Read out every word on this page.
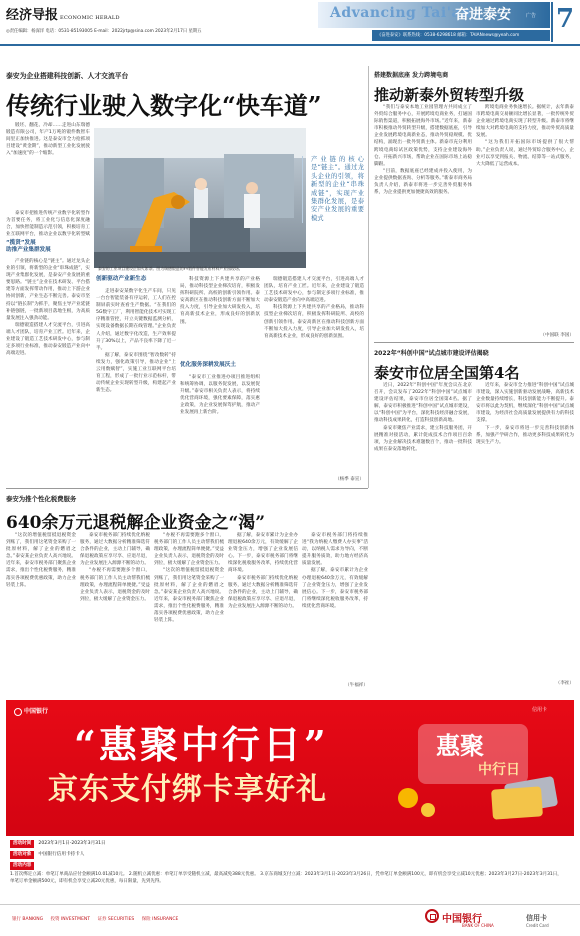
经济导报 ECONOMIC HERALD
◎责任编辑：杨深洋 电话：0531-85193005 E-mail：2022jrtp@sina.com 2023年2月17日 星期五
Advancing Tai'an
奋进泰安	广告 7
《奋进泰安》联系热线：0538-6298618 邮箱：TAIANnews@yeah.com
泰安为企业搭建科技创新、人才交流平台
传统行业驶入数字化“快车道”

锻坯、翻花、冷却……走进山东瑞德锻造有限公司，年产1万吨的锻件数智车间里正加快推进。这是泰安市全力抢抓项目建设“黄金期”，推动新型工业化发展驶入“加速度”的一个缩影。

泰安市把推进传统产业数字化转型作为首要任务，将工业化与信息化深度融合，加快智能制造示范引领，积极培育工业互联网平台，推动企业以数字化转型赋

“揽贤”发展
助推产业集群发展

产业链的核心是“链主”。通过龙头企业的引领，将新型的企业“串珠成链”，实现产业集群化发展，是泰安产业发展的重要思路。“链主”企业在技术研发、平台搭建等方面发挥带动作用，推动上下游企业协同创新，产业生态不断完善。泰安市坚持以“链长制”为抓手，聚焦主导产业延链补链强链，一批新项目落地生根，为高质量发展注入强劲动能。

瑞德锻造搭建人才交流平台，引进高端人才团队，培育产业工匠。近年来，企业建设了锻造工艺技术研发中心，参与制定多项行业标准，推动泰安锻造产业向中高端迈进。

泰安的工业项目建设正如火如荼。图为瑞德锻造的FY锻件智能发布材料产业园现场。
产业链的核心是“链主”。通过龙头企业的引领，将新型的企业“串珠成链”，实现产业集群化发展，是泰安产业发展的重要模式
创新驱动产业新生态

走进泰安某数字化生产车间，只见一台台智能装备有序运转，工人们在控制屏前实时查看生产数据。“在我们的5G数字工厂，利用智能化技术可实现工序精准管控，开立关键数据监测分析，实现设备数据长期在线管理。”企业负责人介绍，通过数字化改造，生产效率提升了30%以上，产品不良率下降了近一半。

据了解，泰安市围绕“智改数转”持续发力，强化政策引导，推动企业“上云用数赋智”，实施工业互联网平台培育工程，形成了一批行业示范标杆，带动传统企业实现转型升级，构建起产业新生态。

科技资源上下共建共享的产业格局，推动科技型企业梯次培育，积极发挥科研院所、高校的创新引领作用。泰安高新区在推动科技创新方面不断加大投入力度，引导企业加大研发投入，培育高新技术企业，形成良好的创新氛围。

优化服务深耕发展沃土

“泰安市工业推进办项目推进组织和统筹协调，以服务促发展，以发展促升级。”泰安市相关负责人表示，将持续优化营商环境，强化要素保障，落实惠企政策，为企业发展保驾护航，推动产业发展再上新台阶。

瑞德锻造搭建人才交流平台，引进高端人才团队，培育产业工匠。近年来，企业建设了锻造工艺技术研发中心，参与制定多项行业标准，推动泰安锻造产业向中高端迈进。

科技资源上下共建共享的产业格局，推动科技型企业梯次培育，积极发挥科研院所、高校的创新引领作用。泰安高新区在推动科技创新方面不断加大投入力度，引导企业加大研发投入，培育高新技术企业，形成良好的创新氛围。

（杨季 泰宣）
搭建数据底座 发力跨境电商
推动新泰外贸转型升级

“我们与泰安本地工业园管理方共同成立了外贸综合服务中心，开展跨境电商业务，打通国际销售渠道，积极拓展海外市场。”近年来，新泰市积极推动外贸转型升级，搭建数据底座，引导企业发展跨境电商新业态，推动外贸稳规模、优结构，涌现出一批外贸新主体。新泰市充分利用跨境电商综试区政策优势，支持企业建设海外仓、开拓新兴市场，帮助企业在国际市场上站稳脚跟。

“目前，数据底座已经建成并投入使用，为企业提供数据查询、分析等服务。”新泰市商务局负责人介绍，新泰市将进一步完善外贸服务体系，为企业提供更加便捷高效的服务。

跨境电商业务快速增长。据统计，去年新泰市跨境电商交易额同比增长显著，一批传统外贸企业通过跨境电商实现了转型升级。新泰市将继续加大对跨境电商的支持力度，推动外贸高质量发展。

“这为我们开拓国际市场提供了很大帮助。”企业负责人说，通过外贸综合服务中心，企业可以享受到报关、物流、结算等一站式服务，大大降低了运营成本。

（中国联 李国）
2022年“科创中国”试点城市建设评估揭晓
泰安市位居全国第4名

近日，2022年“科创中国”年度会议在北京召开，会议发布了2022年“科创中国”试点城市建设评估结果，泰安市位居全国第4名。据了解，泰安市积极推进“科创中国”试点城市建设，以“科创中国”为平台，深化科技经济融合发展，推动科技成果转化，打造科技创新高地。

泰安市聚焦产业需求，建立科技服务团，开展精准对接活动，累计促成技术合作项目百余项，为企业解决技术难题数百个，推动一批科技成果在泰安落地转化。

近年来，泰安市全力推进“科创中国”试点城市建设，深入实施创新驱动发展战略，高新技术企业数量持续增长，科技创新能力不断提升。泰安市将以此为契机，继续深化“科创中国”试点城市建设，为经济社会高质量发展提供有力的科技支撑。

下一步，泰安市将进一步完善科技创新体系，加强产学研合作，推动更多科技成果转化为现实生产力。

（李祉）
泰安为推个性化税费服务
640余万元退税解企业资金之“渴”

“这次的增值税留抵退税资金到账了，我们用这笔资金采购了一批原材料，解了企业的燃眉之急。”泰安某企业负责人高兴地说。近年来，泰安市税务部门聚焦企业需求，推出个性化税费服务，精准落实各项税费优惠政策，助力企业轻装上阵。

泰安市税务部门持续优化纳税服务，通过大数据分析精准筛选符合条件的企业，主动上门辅导，确保退税政策应享尽享、应退尽退，为企业发展注入源源不断的动力。

“办税不再需要跑多个窗口，税务部门的工作人员主动帮我们梳理政策，办理流程简单便捷。”受益企业负责人表示，退税资金的及时到位，极大缓解了企业资金压力。

“办税不再需要跑多个窗口，税务部门的工作人员主动帮我们梳理政策，办理流程简单便捷。”受益企业负责人表示，退税资金的及时到位，极大缓解了企业资金压力。

“这次的增值税留抵退税资金到账了，我们用这笔资金采购了一批原材料，解了企业的燃眉之急。”泰安某企业负责人高兴地说。近年来，泰安市税务部门聚焦企业需求，推出个性化税费服务，精准落实各项税费优惠政策，助力企业轻装上阵。

据了解，泰安市累计为企业办理退税640余万元，有效缓解了企业资金压力，增强了企业发展信心。下一步，泰安市税务部门将继续深化税收服务改革，持续优化营商环境。

泰安市税务部门持续优化纳税服务，通过大数据分析精准筛选符合条件的企业，主动上门辅导，确保退税政策应享尽享、应退尽退，为企业发展注入源源不断的动力。

泰安市税务部门将持续推进“我为纳税人缴费人办实事”活动，以纳税人需求为导向，不断提升服务质效，助力地方经济高质量发展。

据了解，泰安市累计为企业办理退税640余万元，有效缓解了企业资金压力，增强了企业发展信心。下一步，泰安市税务部门将继续深化税收服务改革，持续优化营商环境。

（牛福祥）
中国银行	信用卡
“惠聚中行日”
京东支付绑卡享好礼
惠聚
中行日
活动时间 2023年3月1日-2023年3月31日
活动对象 中国银行信用卡持卡人
活动内容
1.首次绑定立减：单笔订单商品应付金额满10.01减10元。 2.随机立减优惠：单笔订单享受随机立减，最高减免388元优惠。 3.京东商城支付立减：2023年3月1日-2023年3月26日，凭单笔订单金额满100元，即有机会享受立减10元优惠；2023年3月27日-2023年3月31日，单笔订单金额满500元，即有机会享受立减20元优惠，每日限量，先到先得。
银行 BANKING 投资 INVESTMENT 证券 SECURITIES 保险 INSURANCE	中国银行
BANK OF CHINA
信用卡
Credit Card
